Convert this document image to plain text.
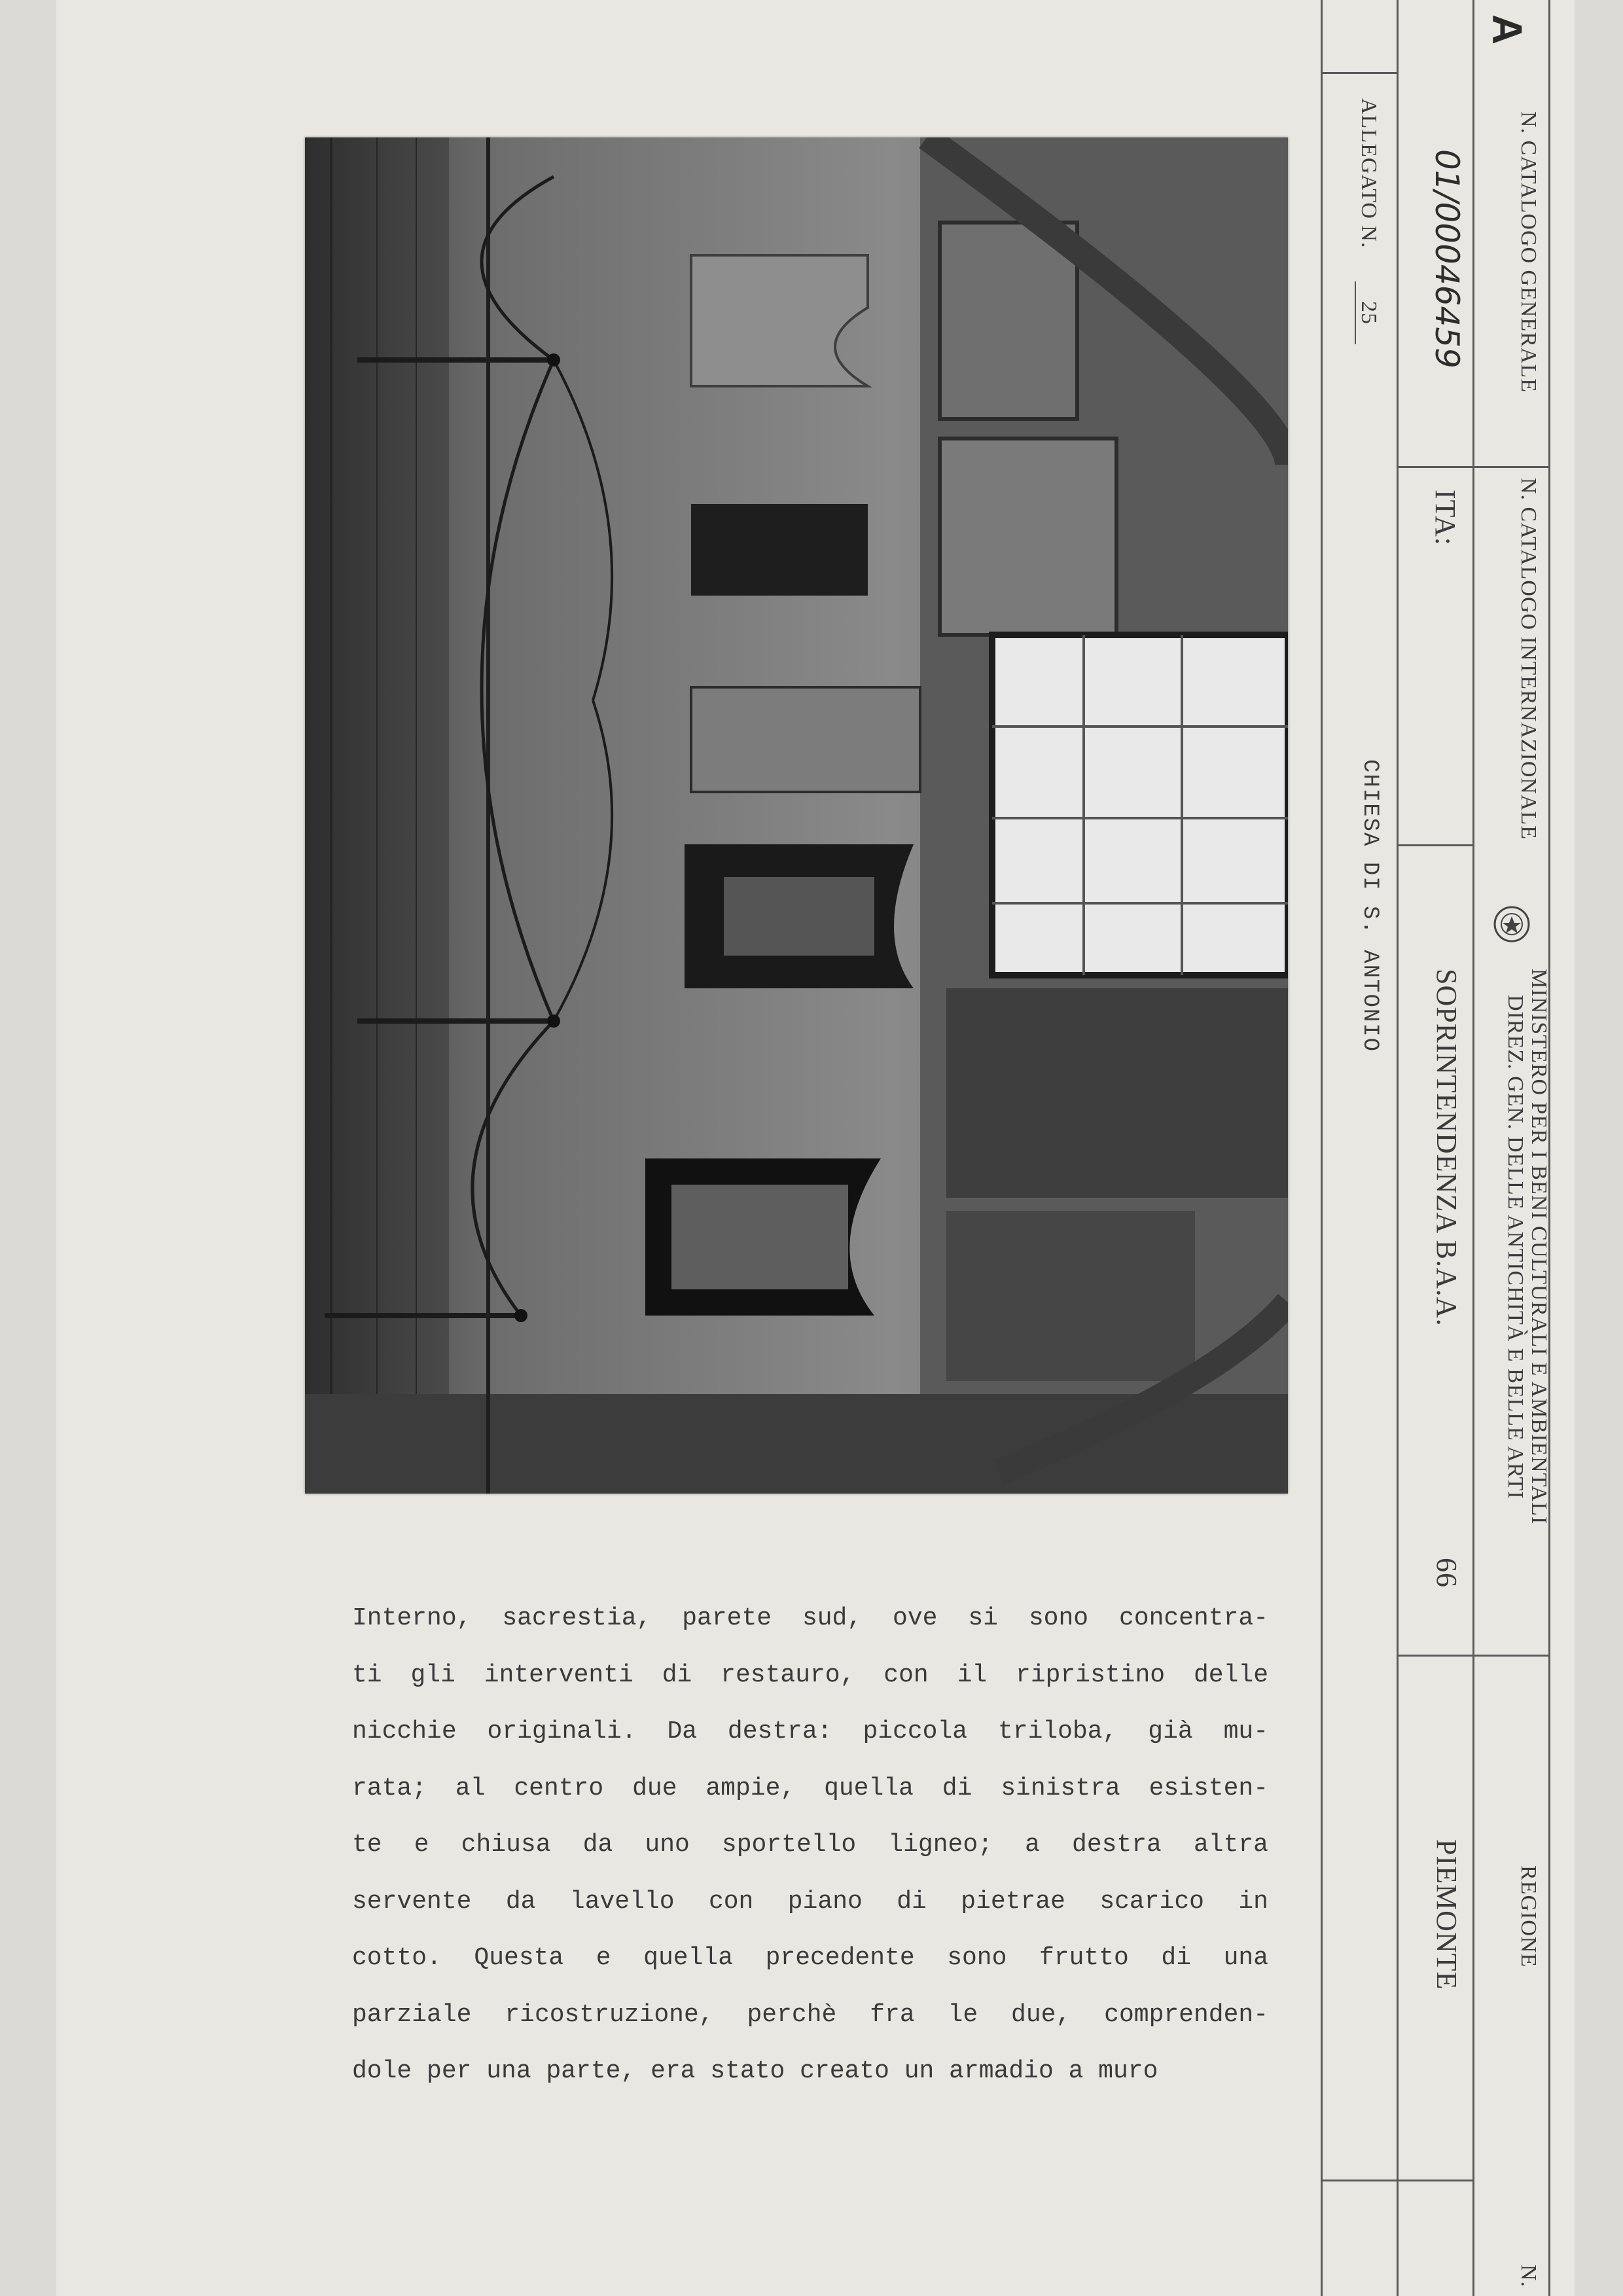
Interno, sacrestia, parete sud, ove si sono concentra-
ti gli interventi di restauro, con il ripristino delle
nicchie originali. Da destra: piccola triloba, già mu-
rata; al centro due ampie, quella di sinistra esisten-
te e chiusa da uno sportello ligneo; a destra altra
servente da lavello con piano di pietrae scarico in
cotto. Questa e quella precedente sono frutto di una
parziale ricostruzione, perchè fra le due, comprenden-
dole per una parte, era stato creato un armadio a muro
A
N. CATALOGO GENERALE
N. CATALOGO INTERNAZIONALE
MINISTERO PER I BENI CULTURALI E AMBIENTALI
DIREZ. GEN. DELLE ANTICHITÀ E BELLE ARTI
REGIONE
N.
01/00046459
ITA:
SOPRINTENDENZA B.A.A.
66
PIEMONTE
ALLEGATO N.
25
CHIESA DI S. ANTONIO
